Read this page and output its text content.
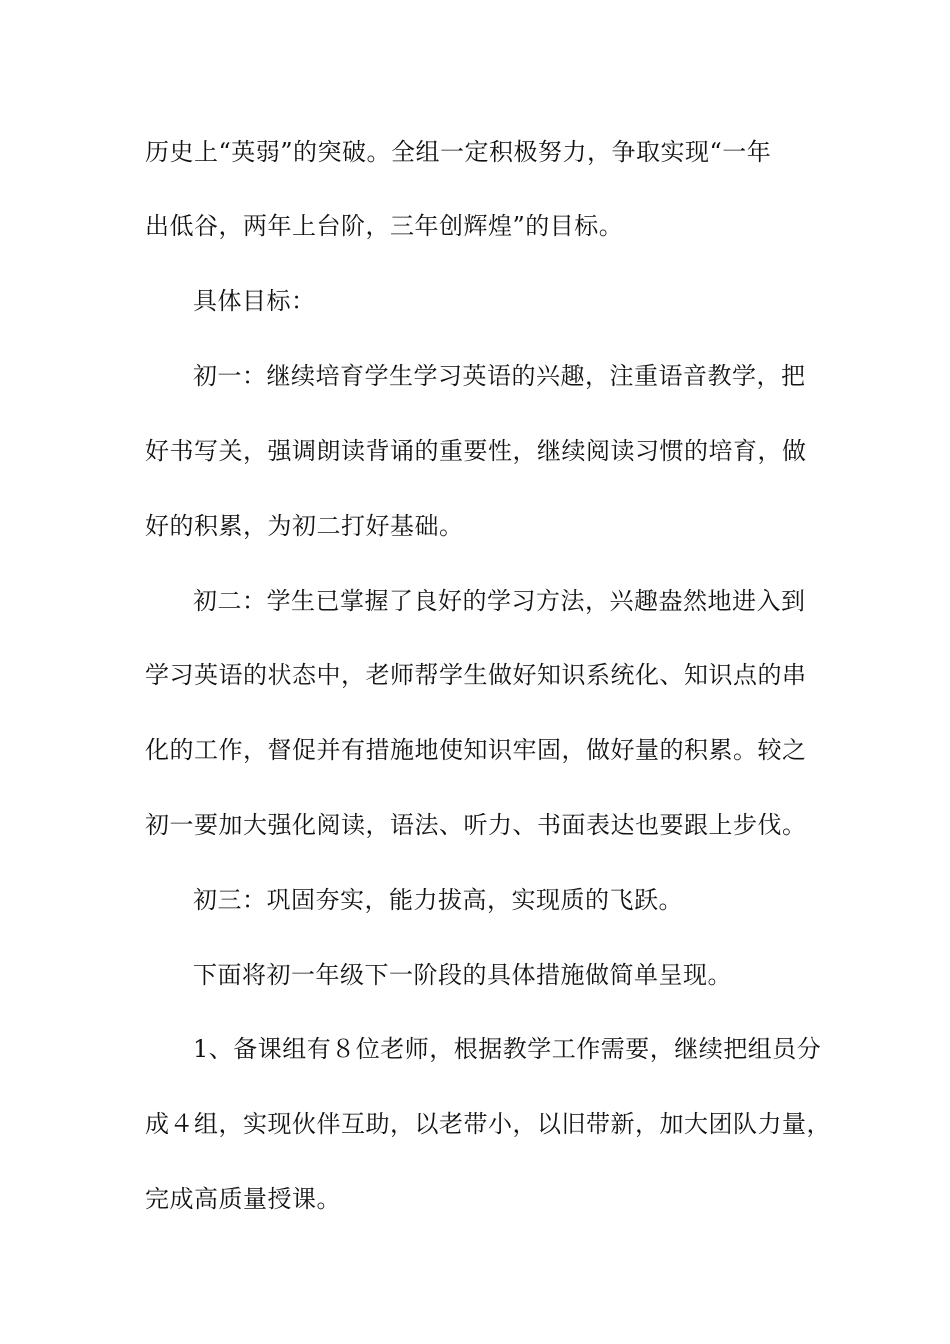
历史上“英弱”的突破。全组一定积极努力，争取实现“一年
出低谷，两年上台阶，三年创辉煌”的目标。
具体目标：
初一：继续培育学生学习英语的兴趣，注重语音教学，把
好书写关，强调朗读背诵的重要性，继续阅读习惯的培育，做
好的积累，为初二打好基础。
初二：学生已掌握了良好的学习方法，兴趣盎然地进入到
学习英语的状态中，老师帮学生做好知识系统化、知识点的串
化的工作，督促并有措施地使知识牢固，做好量的积累。较之
初一要加大强化阅读，语法、听力、书面表达也要跟上步伐。
初三：巩固夯实，能力拔高，实现质的飞跃。
下面将初一年级下一阶段的具体措施做简单呈现。
1、备课组有８位老师，根据教学工作需要，继续把组员分
成４组，实现伙伴互助，以老带小，以旧带新，加大团队力量，
完成高质量授课。
